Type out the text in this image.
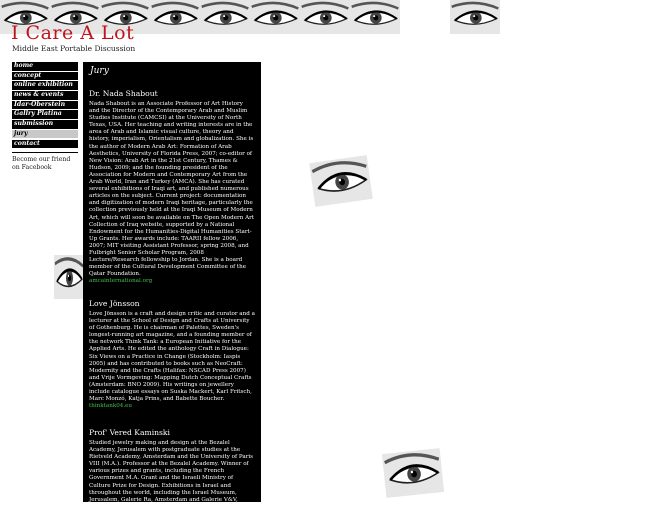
I Care A Lot
Middle East Portable Discussion
home
concept
online exhibition
news & events
Idar-Oberstein
Gallry Platina
submission
jury
contact
Become our friend
on Facebook
Jury
Dr. Nada Shabout

Nada Shabout is an Associate Professor of Art History and the Director of the Contemporary Arab and Muslim Studies Institute (CAMCSI) at the University of North Texas, USA. Her teaching and writing interests are in the area of Arab and Islamic visual culture, theory and history, imperialism, Orientalism and globalization. She is the author of Modern Arab Art: Formation of Arab Aesthetics, University of Florida Press, 2007; co-editor of New Vision: Arab Art in the 21st Century, Thames & Hudson, 2009; and the founding president of the Association for Modern and Contemporary Art from the Arab World, Iran and Turkey (AMCA). She has curated several exhibitions of Iraqi art, and published numerous articles on the subject. Current project: documentation and digitization of modern Iraqi heritage, particularly the collection previously held at the Iraqi Museum of Modern Art, which will soon be available on The Open Modern Art Collection of Iraq website, supported by a National Endowment for the Humanities-Digital Humanities Start-Up Grants. Her awards include: TAARII fellow 2006, 2007; MIT visiting Assistant Professor, spring 2008, and Fulbright Senior Scholar Program, 2008 Lecture/Research fellowship to Jordan. She is a board member of the Cultural Development Committee of the Qatar Foundation.

amcainternational.org
Love Jönsson

Love Jönsson is a craft and design critic and curator and a lecturer at the School of Design and Crafts at University of Gothenburg. He is chairman of Palettes, Sweden's longest-running art magazine, and a founding member of the network Think Tank: a European Initiative for the Applied Arts. He edited the anthology Craft in Dialogue: Six Views on a Practice in Change (Stockholm: Iaspis 2005) and has contributed to books such as NeoCraft: Modernity and the Crafts (Halifax: NSCAD Press 2007) and Vrije Vormgeving: Mapping Dutch Conceptual Crafts (Amsterdam: BNO 2009). His writings on jewellery include catalogue essays on Suska Mackert, Karl Fritsch, Marc Monzó, Katja Prins, and Babette Boucher.

thinktank04.eu
Prof' Vered Kaminski

Studied jewelry making and design at the Bezalel Academy, Jerusalem with postgraduate studies at the Rietveld Academy, Amsterdam and the University of Paris VIII (M.A.). Professor at the Bezalel Academy. Winner of various prizes and grants, including the French Government M.A. Grant and the Israeli Ministry of Culture Prize for Design. Exhibitions in Israel and throughout the world, including the Israel Museum, Jerusalem, Galerie Ra, Amsterdam and Galerie V&V, Vienna. Works in the
